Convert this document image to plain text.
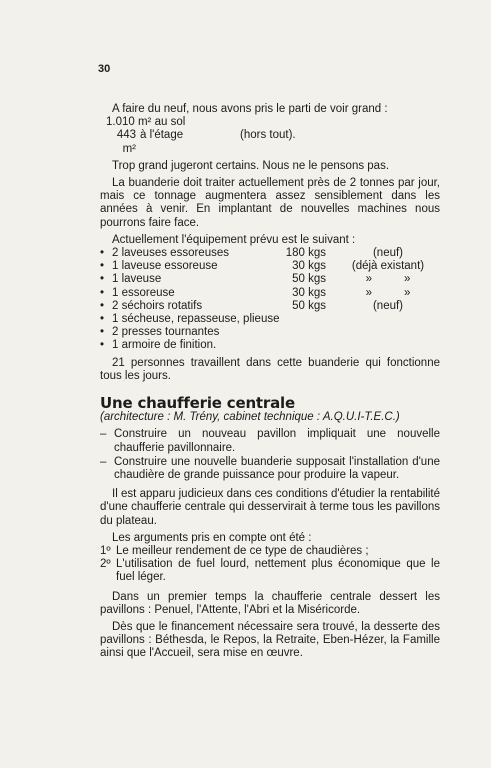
30

A faire du neuf, nous avons pris le parti de voir grand :

1.010 m² au sol

443 m²
à l'étage	(hors tout).

Trop grand jugeront certains. Nous ne le pensons pas.

La buanderie doit traiter actuellement près de 2 tonnes par jour, mais ce tonnage augmentera assez sensiblement dans les années à venir. En implantant de nouvelles machines nous pourrons faire face.

Actuellement l'équipement prévu est le suivant :

• 2 laveuses essoreuses	180 kgs	(neuf)
• 1 laveuse essoreuse	30 kgs	(déjà existant)
• 1 laveuse	50 kgs	»          »
• 1 essoreuse	30 kgs	»          »
• 2 séchoirs rotatifs	50 kgs	(neuf)
• 1 sécheuse, repasseuse, plieuse
• 2 presses tournantes
• 1 armoire de finition.

21 personnes travaillent dans cette buanderie qui fonctionne tous les jours.

Une chaufferie centrale

(architecture : M. Trény, cabinet technique : A.Q.U.I-T.E.C.)

– Construire un nouveau pavillon impliquait une nouvelle chaufferie pavillonnaire.
– Construire une nouvelle buanderie supposait l'installation d'une chaudière de grande puissance pour produire la vapeur.

Il est apparu judicieux dans ces conditions d'étudier la rentabilité d'une chaufferie centrale qui desservirait à terme tous les pavillons du plateau.

Les arguments pris en compte ont été :

1º Le meilleur rendement de ce type de chaudières ;
2º L'utilisation de fuel lourd, nettement plus économique que le fuel léger.

Dans un premier temps la chaufferie centrale dessert les pavillons : Penuel, l'Attente, l'Abri et la Miséricorde.

Dès que le financement nécessaire sera trouvé, la desserte des pavillons : Béthesda, le Repos, la Retraite, Eben-Hézer, la Famille ainsi que l'Accueil, sera mise en œuvre.
